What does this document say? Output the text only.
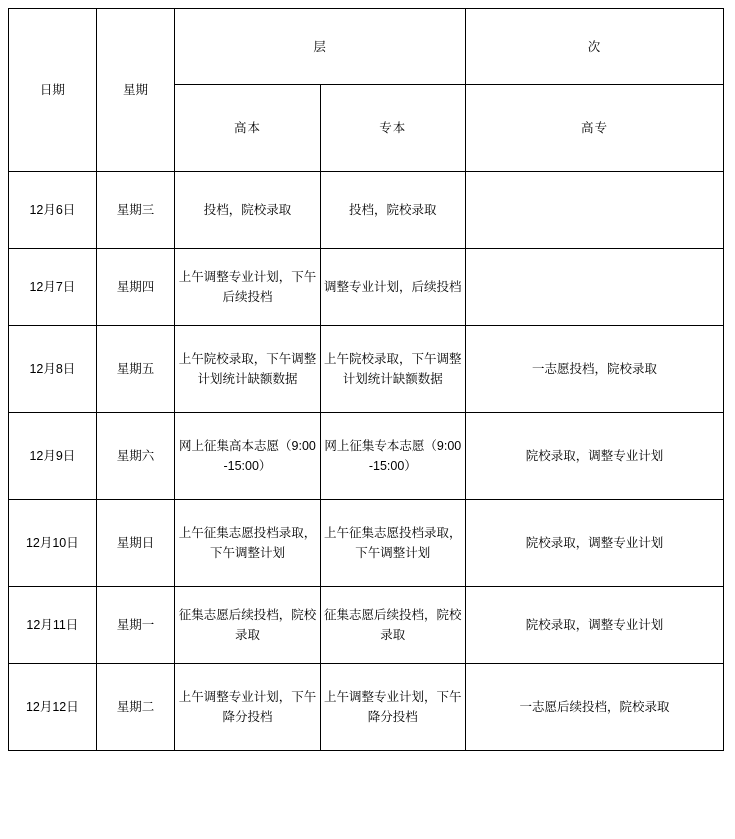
日期	星期	层		次
		高本	专本	高专
12月6日	星期三	投档，院校录取	投档，院校录取	
12月7日	星期四	上午调整专业计划，下午后续投档	调整专业计划，后续投档	
12月8日	星期五	上午院校录取，下午调整计划统计缺额数据	上午院校录取，下午调整计划统计缺额数据	一志愿投档，院校录取
12月9日	星期六	网上征集高本志愿（9:00-15:00）	网上征集专本志愿（9:00-15:00）	院校录取，调整专业计划
12月10日	星期日	上午征集志愿投档录取，下午调整计划	上午征集志愿投档录取，下午调整计划	院校录取，调整专业计划
12月11日	星期一	征集志愿后续投档，院校录取	征集志愿后续投档，院校录取	院校录取，调整专业计划
12月12日	星期二	上午调整专业计划，下午降分投档	上午调整专业计划，下午降分投档	一志愿后续投档，院校录取
